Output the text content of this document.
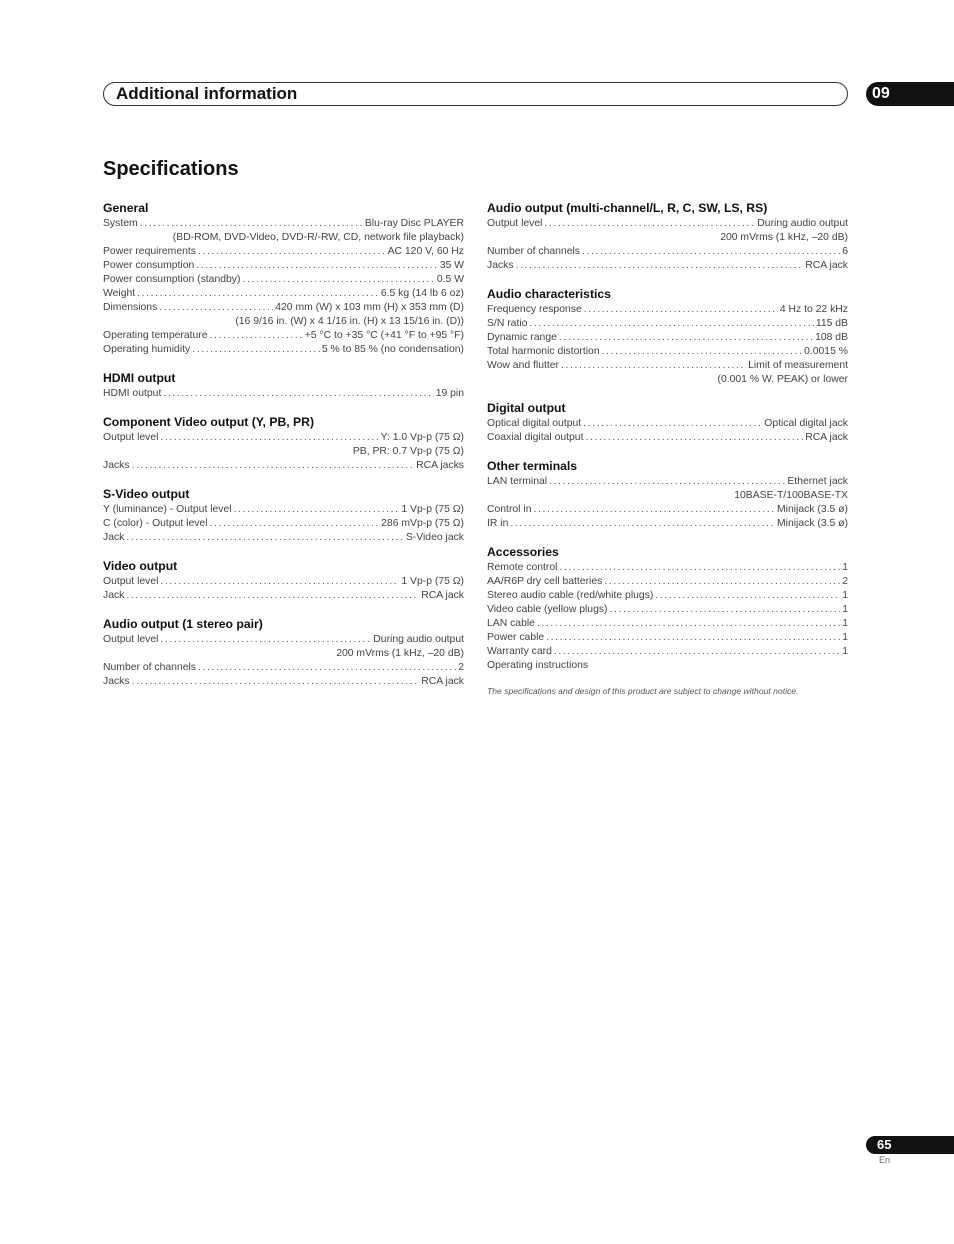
Additional information	09
Specifications
General
System .....	Blu-ray Disc PLAYER
(BD-ROM, DVD-Video, DVD-R/-RW, CD, network file playback)
Power requirements .....	AC 120 V, 60 Hz
Power consumption .....	35 W
Power consumption (standby) .....	0.5 W
Weight .....	6.5 kg (14 lb 6 oz)
Dimensions .....	420 mm (W) x 103 mm (H) x 353 mm (D)
(16 9/16 in. (W) x 4 1/16 in. (H) x 13 15/16 in. (D))
Operating temperature .....	+5 °C to +35 °C (+41 °F to +95 °F)
Operating humidity .....	5 % to 85 % (no condensation)
HDMI output
HDMI output .....	19 pin
Component Video output (Y, PB, PR)
Output level .....	Y: 1.0 Vp-p (75 Ω)
PB, PR: 0.7 Vp-p (75 Ω)
Jacks .....	RCA jacks
S-Video output
Y (luminance) - Output level .....	1 Vp-p (75 Ω)
C (color) - Output level .....	286 mVp-p (75 Ω)
Jack .....	S-Video jack
Video output
Output level .....	1 Vp-p (75 Ω)
Jack .....	RCA jack
Audio output (1 stereo pair)
Output level .....	During audio output
200 mVrms (1 kHz, –20 dB)
Number of channels .....	2
Jacks .....	RCA jack
Audio output (multi-channel/L, R, C, SW, LS, RS)
Output level .....	During audio output
200 mVrms (1 kHz, –20 dB)
Number of channels .....	6
Jacks .....	RCA jack
Audio characteristics
Frequency response .....	4 Hz to 22 kHz
S/N ratio .....	115 dB
Dynamic range .....	108 dB
Total harmonic distortion .....	0.0015 %
Wow and flutter .....	Limit of measurement
(0.001 % W. PEAK) or lower
Digital output
Optical digital output .....	Optical digital jack
Coaxial digital output .....	RCA jack
Other terminals
LAN terminal .....	Ethernet jack
10BASE-T/100BASE-TX
Control in .....	Minijack (3.5 ø)
IR in .....	Minijack (3.5 ø)
Accessories
Remote control .....	1
AA/R6P dry cell batteries .....	2
Stereo audio cable (red/white plugs) .....	1
Video cable (yellow plugs) .....	1
LAN cable .....	1
Power cable .....	1
Warranty card .....	1
Operating instructions
The specifications and design of this product are subject to change without notice.
65
En
